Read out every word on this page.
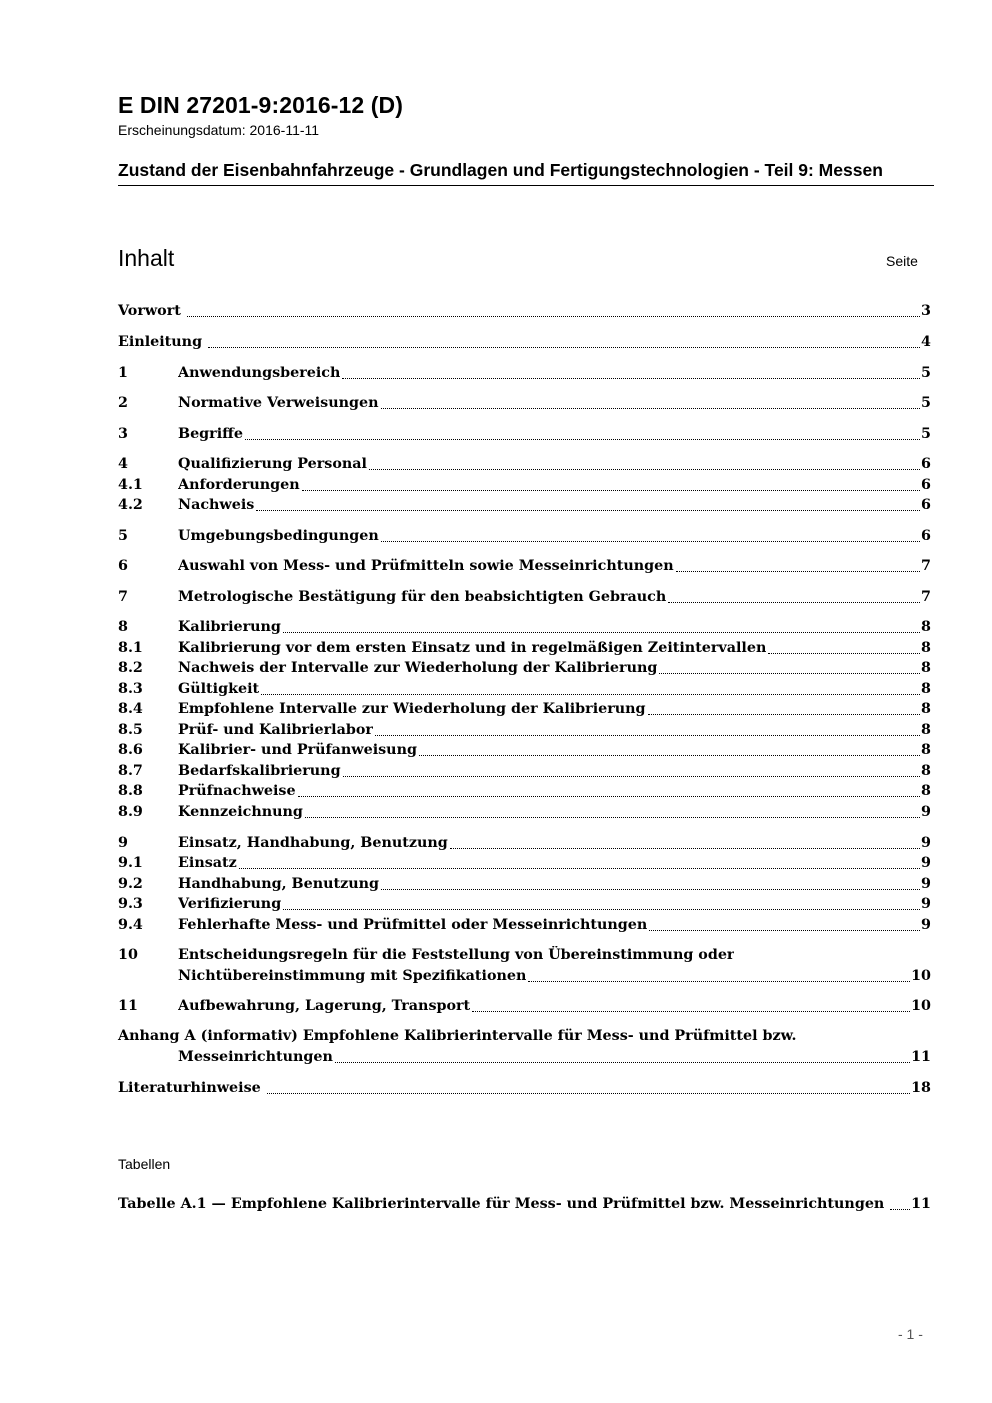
E DIN 27201-9:2016-12 (D)
Erscheinungsdatum: 2016-11-11
Zustand der Eisenbahnfahrzeuge - Grundlagen und Fertigungstechnologien - Teil 9: Messen
Inhalt	Seite
Vorwort	3
Einleitung	4
1	Anwendungsbereich	5
2	Normative Verweisungen	5
3	Begriffe	5
4	Qualifizierung Personal	6
4.1	Anforderungen	6
4.2	Nachweis	6
5	Umgebungsbedingungen	6
6	Auswahl von Mess- und Prüfmitteln sowie Messeinrichtungen	7
7	Metrologische Bestätigung für den beabsichtigten Gebrauch	7
8	Kalibrierung	8
8.1	Kalibrierung vor dem ersten Einsatz und in regelmäßigen Zeitintervallen	8
8.2	Nachweis der Intervalle zur Wiederholung der Kalibrierung	8
8.3	Gültigkeit	8
8.4	Empfohlene Intervalle zur Wiederholung der Kalibrierung	8
8.5	Prüf- und Kalibrierlabor	8
8.6	Kalibrier- und Prüfanweisung	8
8.7	Bedarfskalibrierung	8
8.8	Prüfnachweise	8
8.9	Kennzeichnung	9
9	Einsatz, Handhabung, Benutzung	9
9.1	Einsatz	9
9.2	Handhabung, Benutzung	9
9.3	Verifizierung	9
9.4	Fehlerhafte Mess- und Prüfmittel oder Messeinrichtungen	9
10	Entscheidungsregeln für die Feststellung von Übereinstimmung oder
Nichtübereinstimmung mit Spezifikationen	10
11	Aufbewahrung, Lagerung, Transport	10
Anhang A (informativ) Empfohlene Kalibrierintervalle für Mess- und Prüfmittel bzw.
Messeinrichtungen	11
Literaturhinweise	18
Tabellen
Tabelle A.1 — Empfohlene Kalibrierintervalle für Mess- und Prüfmittel bzw. Messeinrichtungen 11
- 1 -
